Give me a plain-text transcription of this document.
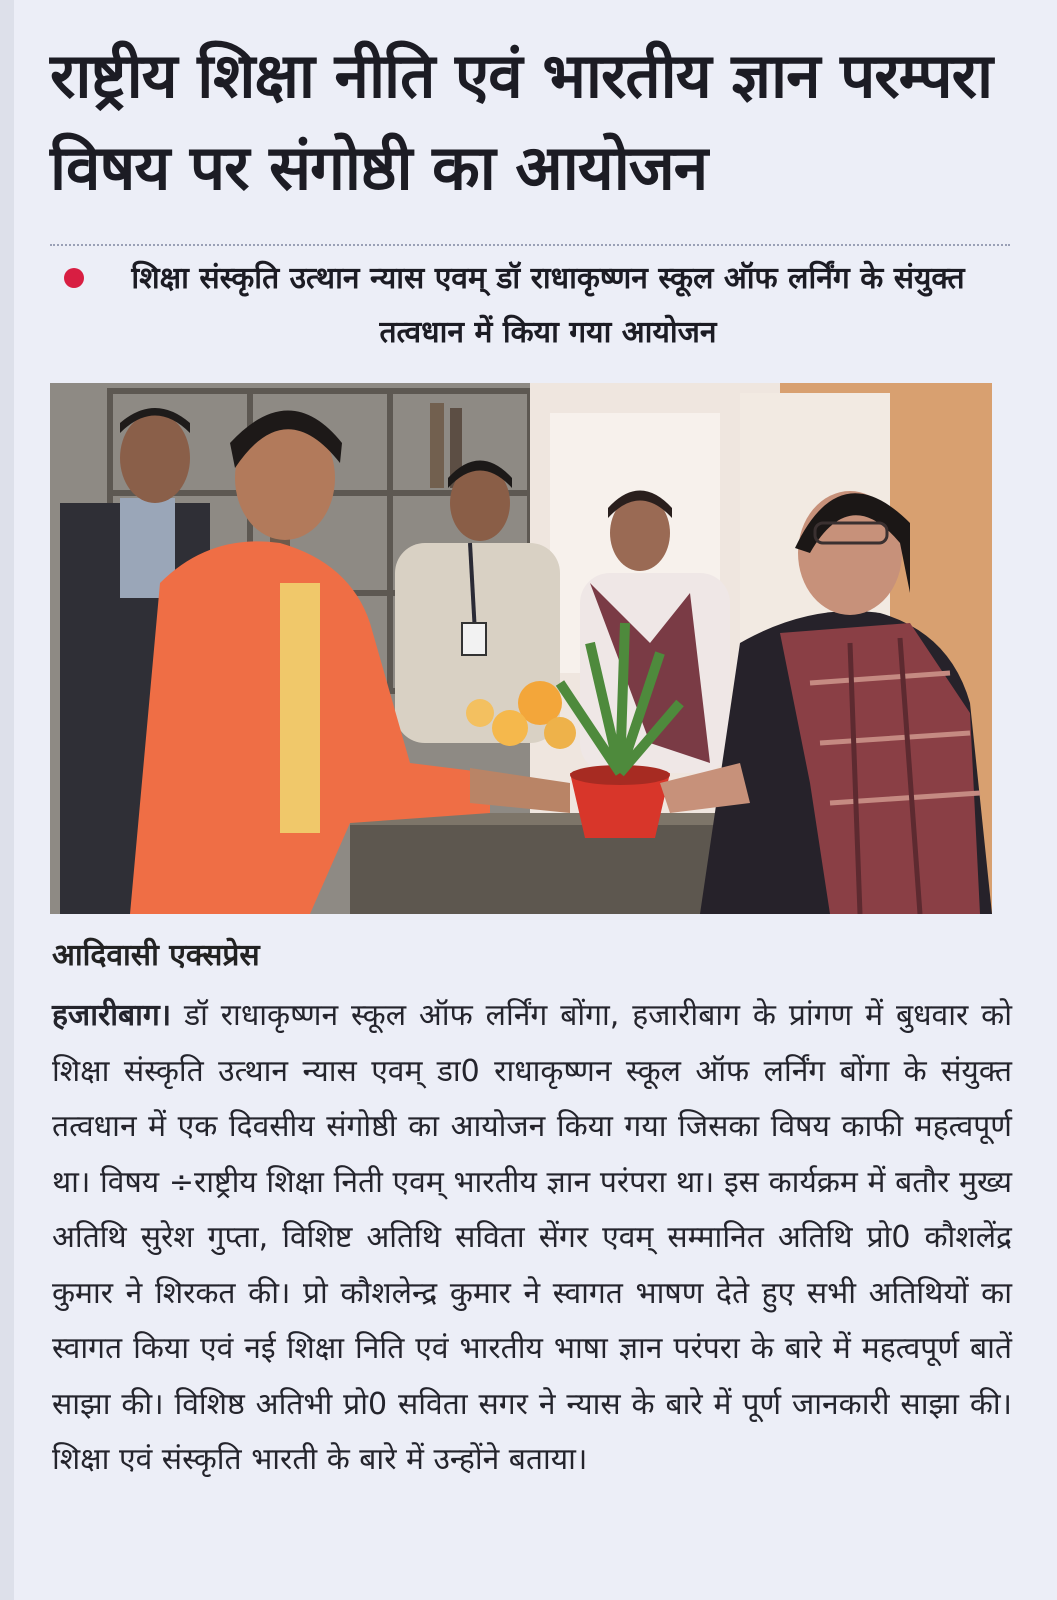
राष्ट्रीय शिक्षा नीति एवं भारतीय ज्ञान परम्परा विषय पर संगोष्ठी का आयोजन
शिक्षा संस्कृति उत्थान न्यास एवम् डॉ राधाकृष्णन स्कूल ऑफ लर्निंग के संयुक्त तत्वधान में किया गया आयोजन
आदिवासी एक्सप्रेस

हजारीबाग। डॉ राधाकृष्णन स्कूल ऑफ लर्निंग बोंगा, हजारीबाग के प्रांगण में बुधवार को शिक्षा संस्कृति उत्थान न्यास एवम् डा0 राधाकृष्णन स्कूल ऑफ लर्निंग बोंगा के संयुक्त तत्वधान में एक दिवसीय संगोष्ठी का आयोजन किया गया जिसका विषय काफी महत्वपूर्ण था। विषय ÷राष्ट्रीय शिक्षा निती एवम् भारतीय ज्ञान परंपरा था। इस कार्यक्रम में बतौर मुख्य अतिथि सुरेश गुप्ता, विशिष्ट अतिथि सविता सेंगर एवम् सम्मानित अतिथि प्रो0 कौशलेंद्र कुमार ने शिरकत की। प्रो कौशलेन्द्र कुमार ने स्वागत भाषण देते हुए सभी अतिथियों का स्वागत किया एवं नई शिक्षा निति एवं भारतीय भाषा ज्ञान परंपरा के बारे में महत्वपूर्ण बातें साझा की। विशिष्ठ अतिभी प्रो0 सविता सगर ने न्यास के बारे में पूर्ण जानकारी साझा की। शिक्षा एवं संस्कृति भारती के बारे में उन्होंने बताया।
